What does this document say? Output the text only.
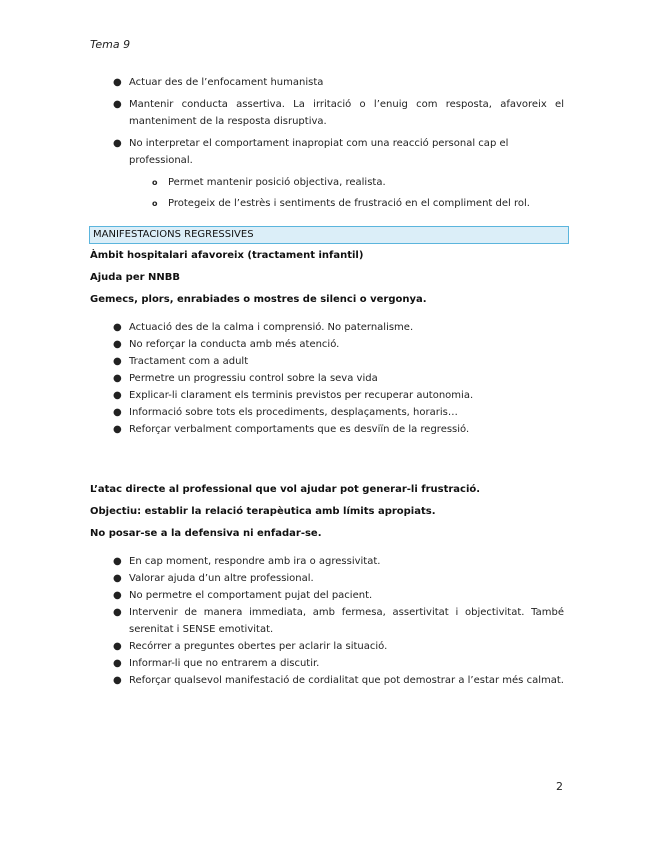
Tema 9
● Actuar des de l’enfocament humanista
● Mantenir conducta assertiva. La irritació o l’enuig com resposta, afavoreix el manteniment de la resposta disruptiva.
● No interpretar el comportament inapropiat com una reacció personal cap el professional.
o Permet mantenir posició objectiva, realista.
o Protegeix de l’estrès i sentiments de frustració en el compliment del rol.
MANIFESTACIONS REGRESSIVES
Àmbit hospitalari afavoreix (tractament infantil)
Ajuda per NNBB
Gemecs, plors, enrabiades o mostres de silenci o vergonya.
● Actuació des de la calma i comprensió. No paternalisme.
● No reforçar la conducta amb més atenció.
● Tractament com a adult
● Permetre un progressiu control sobre la seva vida
● Explicar-li clarament els terminis previstos per recuperar autonomia.
● Informació sobre tots els procediments, desplaçaments, horaris…
● Reforçar verbalment comportaments que es desviïn de la regressió.
L’atac directe al professional que vol ajudar pot generar-li frustració.
Objectiu: establir la relació terapèutica amb límits apropiats.
No posar-se a la defensiva ni enfadar-se.
● En cap moment, respondre amb ira o agressivitat.
● Valorar ajuda d’un altre professional.
● No permetre el comportament pujat del pacient.
● Intervenir de manera immediata, amb fermesa, assertivitat i objectivitat. També serenitat i SENSE emotivitat.
● Recórrer a preguntes obertes per aclarir la situació.
● Informar-li que no entrarem a discutir.
● Reforçar qualsevol manifestació de cordialitat que pot demostrar a l’estar més calmat.
2
